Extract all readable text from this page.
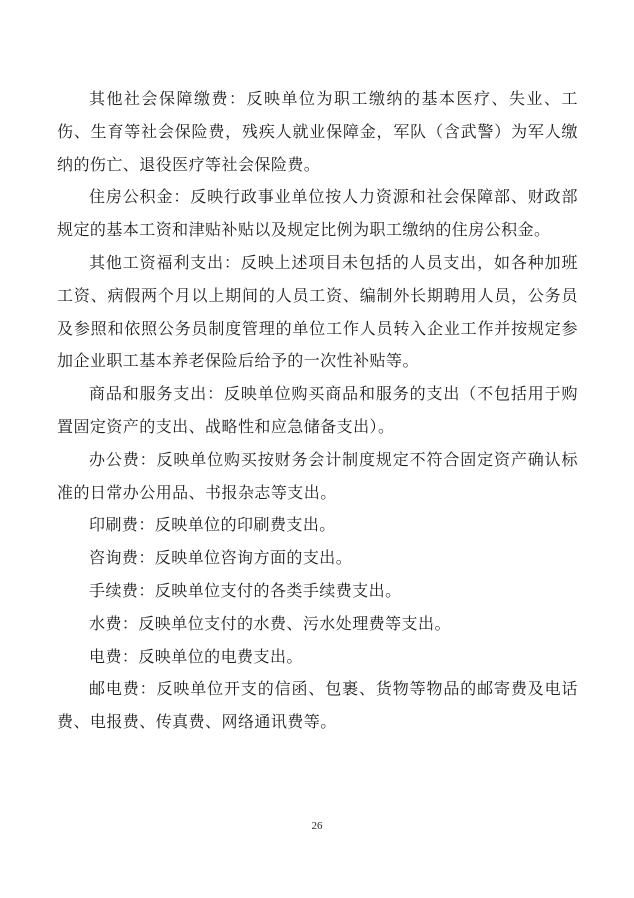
其他社会保障缴费：反映单位为职工缴纳的基本医疗、失业、工伤、生育等社会保险费，残疾人就业保障金，军队（含武警）为军人缴纳的伤亡、退役医疗等社会保险费。

住房公积金：反映行政事业单位按人力资源和社会保障部、财政部规定的基本工资和津贴补贴以及规定比例为职工缴纳的住房公积金。

其他工资福利支出：反映上述项目未包括的人员支出，如各种加班工资、病假两个月以上期间的人员工资、编制外长期聘用人员，公务员及参照和依照公务员制度管理的单位工作人员转入企业工作并按规定参加企业职工基本养老保险后给予的一次性补贴等。

商品和服务支出：反映单位购买商品和服务的支出（不包括用于购置固定资产的支出、战略性和应急储备支出）。

办公费：反映单位购买按财务会计制度规定不符合固定资产确认标准的日常办公用品、书报杂志等支出。

印刷费：反映单位的印刷费支出。

咨询费：反映单位咨询方面的支出。

手续费：反映单位支付的各类手续费支出。

水费：反映单位支付的水费、污水处理费等支出。

电费：反映单位的电费支出。

邮电费：反映单位开支的信函、包裹、货物等物品的邮寄费及电话费、电报费、传真费、网络通讯费等。

26
